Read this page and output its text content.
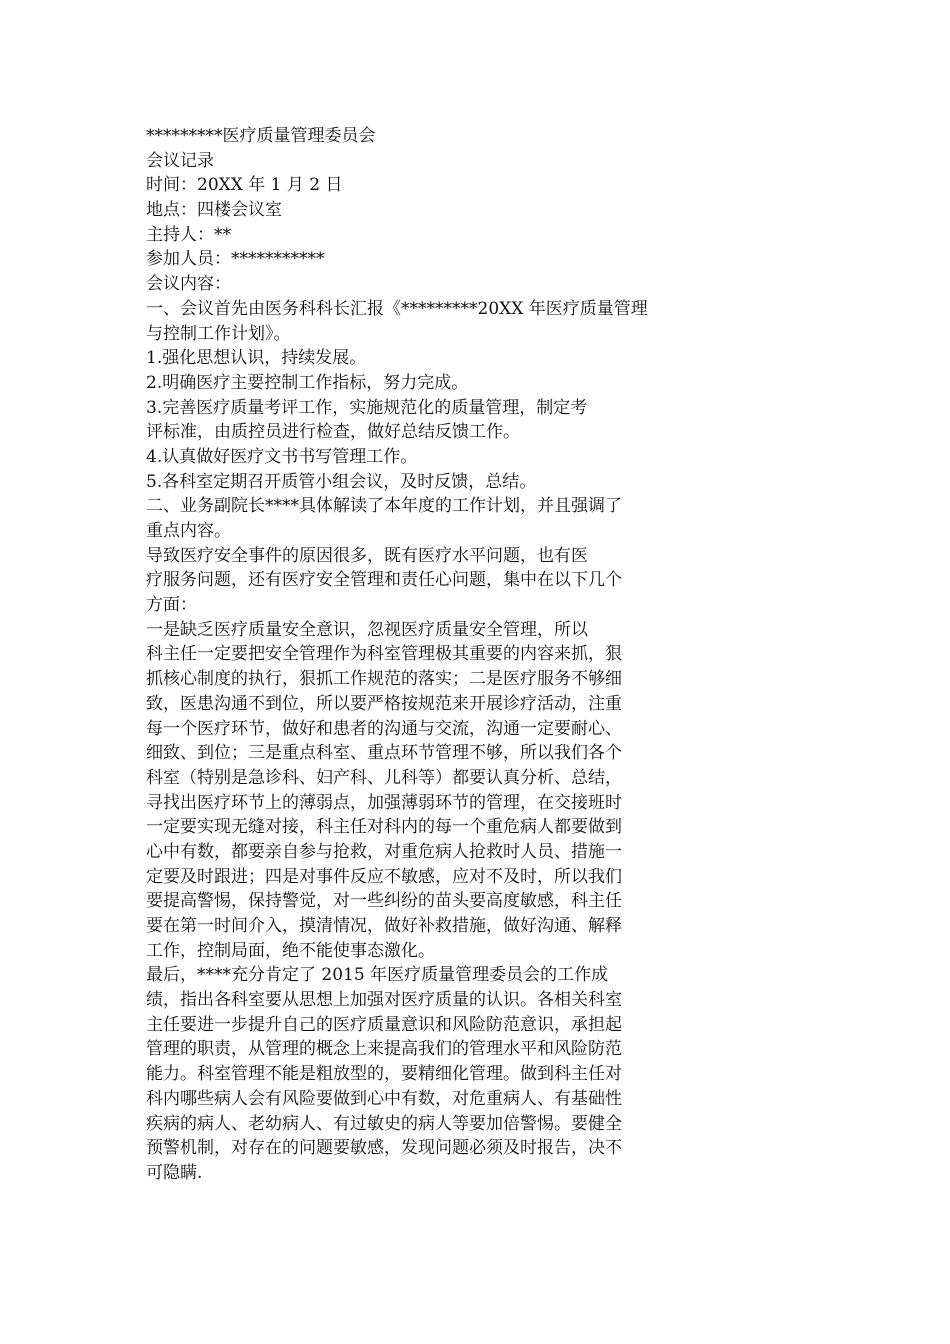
*********医疗质量管理委员会
会议记录
时间：20XX 年 1 月 2 日
地点：四楼会议室
主持人：**
参加人员：***********
会议内容：
一、会议首先由医务科科长汇报《*********20XX 年医疗质量管理
与控制工作计划》。
1.强化思想认识，持续发展。
2.明确医疗主要控制工作指标，努力完成。
3.完善医疗质量考评工作，实施规范化的质量管理，制定考
评标准，由质控员进行检查，做好总结反馈工作。
4.认真做好医疗文书书写管理工作。
5.各科室定期召开质管小组会议，及时反馈，总结。
二、业务副院长****具体解读了本年度的工作计划，并且强调了
重点内容。
导致医疗安全事件的原因很多，既有医疗水平问题，也有医
疗服务问题，还有医疗安全管理和责任心问题，集中在以下几个
方面：
一是缺乏医疗质量安全意识，忽视医疗质量安全管理，所以
科主任一定要把安全管理作为科室管理极其重要的内容来抓，狠
抓核心制度的执行，狠抓工作规范的落实；二是医疗服务不够细
致，医患沟通不到位，所以要严格按规范来开展诊疗活动，注重
每一个医疗环节，做好和患者的沟通与交流，沟通一定要耐心、
细致、到位；三是重点科室、重点环节管理不够，所以我们各个
科室（特别是急诊科、妇产科、儿科等）都要认真分析、总结，
寻找出医疗环节上的薄弱点，加强薄弱环节的管理，在交接班时
一定要实现无缝对接，科主任对科内的每一个重危病人都要做到
心中有数，都要亲自参与抢救，对重危病人抢救时人员、措施一
定要及时跟进；四是对事件反应不敏感，应对不及时，所以我们
要提高警惕，保持警觉，对一些纠纷的苗头要高度敏感，科主任
要在第一时间介入，摸清情况，做好补救措施，做好沟通、解释
工作，控制局面，绝不能使事态激化。
最后，****充分肯定了 2015 年医疗质量管理委员会的工作成
绩，指出各科室要从思想上加强对医疗质量的认识。各相关科室
主任要进一步提升自己的医疗质量意识和风险防范意识，承担起
管理的职责，从管理的概念上来提高我们的管理水平和风险防范
能力。科室管理不能是粗放型的，要精细化管理。做到科主任对
科内哪些病人会有风险要做到心中有数，对危重病人、有基础性
疾病的病人、老幼病人、有过敏史的病人等要加倍警惕。要健全
预警机制，对存在的问题要敏感，发现问题必须及时报告，决不
可隐瞒.
